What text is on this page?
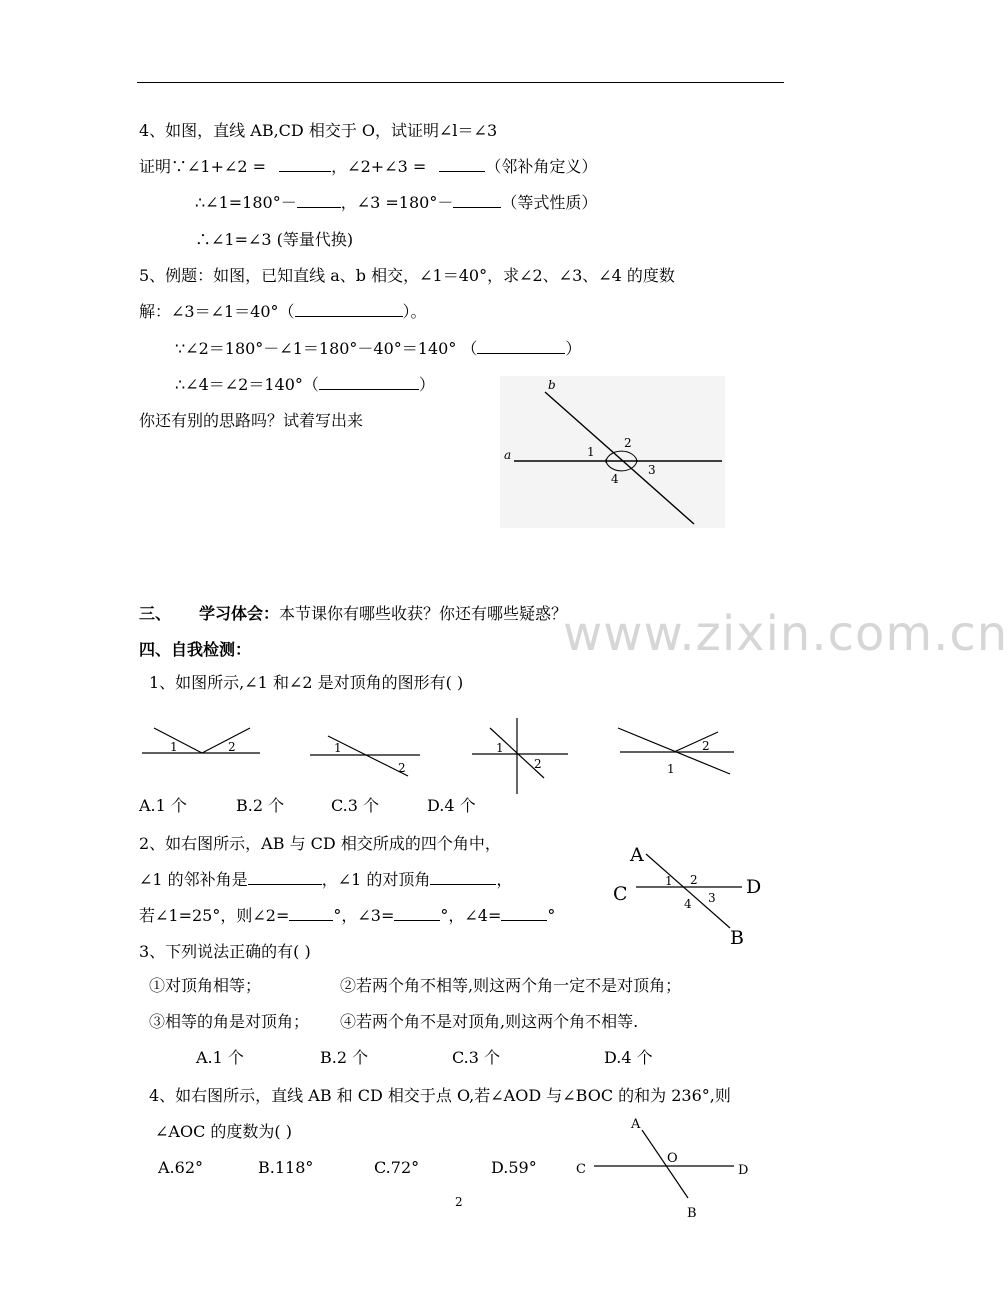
www.zixin.com.cn
4、如图，直线 AB,CD 相交于 O，试证明∠l＝∠3
证明∵∠1+∠2 =	，∠2+∠3 =	（邻补角定义）
∴∠1=180°－	，∠3 =180°－	（等式性质）
∴∠1=∠3 (等量代换)
5、例题：如图，已知直线 a、b 相交，∠1＝40°，求∠2、∠3、∠4 的度数
解：∠3＝∠1＝40°（	）。
∵∠2＝180°－∠1＝180°－40°＝140° （	）
∴∠4＝∠2＝140°（	）
你还有别的思路吗？试着写出来
a
b
1
2
3
4
三、 学习体会：本节课你有哪些收获？你还有哪些疑惑？
四、自我检测：
1、如图所示,∠1 和∠2 是对顶角的图形有( )
1	2	1
2
1
2
2
1
A.1 个	B.2 个	C.3 个	D.4 个
2、如右图所示，AB 与 CD 相交所成的四个角中，
∠1 的邻补角是	，∠1 的对顶角	，
若∠1=25°，则∠2=	°，∠3=	°，∠4=	°
A
B
C	D
1 2
3
4
3、下列说法正确的有( )
①对顶角相等；	②若两个角不相等,则这两个角一定不是对顶角；
③相等的角是对顶角； ④若两个角不是对顶角,则这两个角不相等.
A.1 个	B.2 个	C.3 个	D.4 个
4、如右图所示，直线 AB 和 CD 相交于点 O,若∠AOD 与∠BOC 的和为 236°,则
∠AOC 的度数为( )
A.62°	B.118°	C.72°	D.59°
A
B
C	D
O
2
